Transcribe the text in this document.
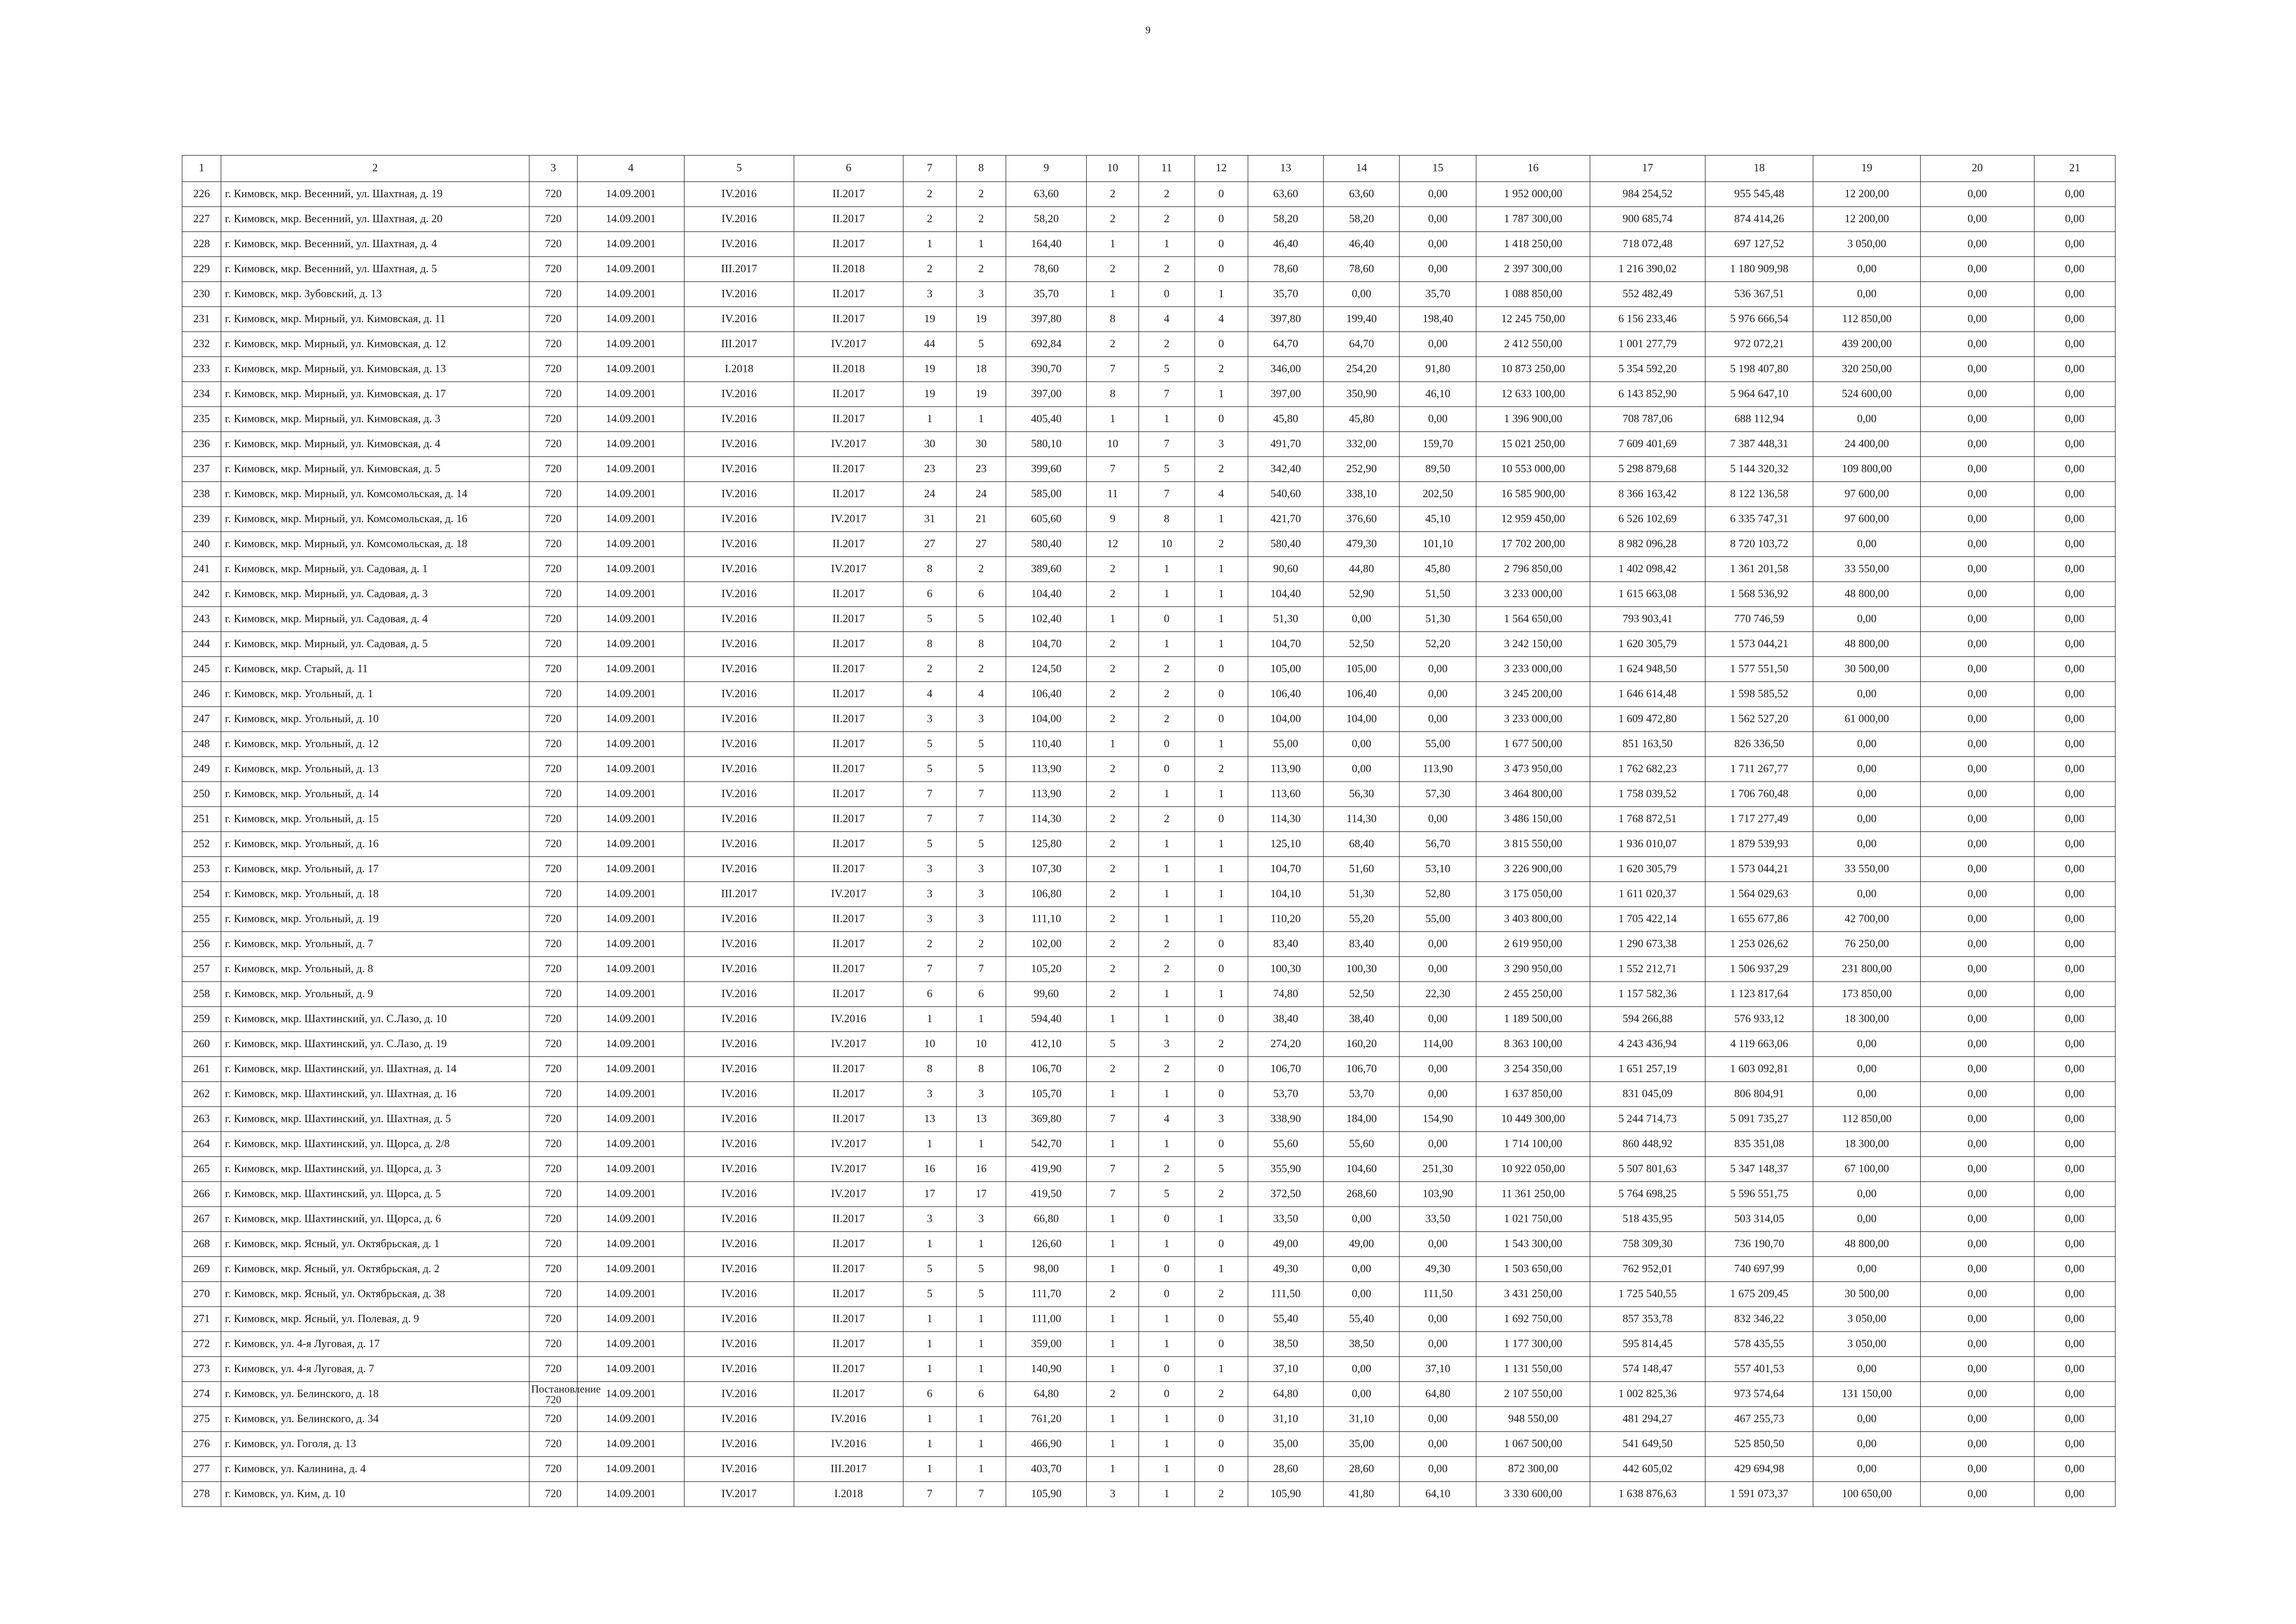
9
1	2	3	4	5	6	7	8	9	10	11	12	13	14	15	16	17	18	19	20	21
226	г. Кимовск, мкр. Весенний, ул. Шахтная, д. 19	720	14.09.2001	IV.2016	II.2017	2	2	63,60	2	2	0	63,60	63,60	0,00	1 952 000,00	984 254,52	955 545,48	12 200,00	0,00	0,00
227	г. Кимовск, мкр. Весенний, ул. Шахтная, д. 20	720	14.09.2001	IV.2016	II.2017	2	2	58,20	2	2	0	58,20	58,20	0,00	1 787 300,00	900 685,74	874 414,26	12 200,00	0,00	0,00
228	г. Кимовск, мкр. Весенний, ул. Шахтная, д. 4	720	14.09.2001	IV.2016	II.2017	1	1	164,40	1	1	0	46,40	46,40	0,00	1 418 250,00	718 072,48	697 127,52	3 050,00	0,00	0,00
229	г. Кимовск, мкр. Весенний, ул. Шахтная, д. 5	720	14.09.2001	III.2017	II.2018	2	2	78,60	2	2	0	78,60	78,60	0,00	2 397 300,00	1 216 390,02	1 180 909,98	0,00	0,00	0,00
230	г. Кимовск, мкр. Зубовский, д. 13	720	14.09.2001	IV.2016	II.2017	3	3	35,70	1	0	1	35,70	0,00	35,70	1 088 850,00	552 482,49	536 367,51	0,00	0,00	0,00
231	г. Кимовск, мкр. Мирный, ул. Кимовская, д. 11	720	14.09.2001	IV.2016	II.2017	19	19	397,80	8	4	4	397,80	199,40	198,40	12 245 750,00	6 156 233,46	5 976 666,54	112 850,00	0,00	0,00
232	г. Кимовск, мкр. Мирный, ул. Кимовская, д. 12	720	14.09.2001	III.2017	IV.2017	44	5	692,84	2	2	0	64,70	64,70	0,00	2 412 550,00	1 001 277,79	972 072,21	439 200,00	0,00	0,00
233	г. Кимовск, мкр. Мирный, ул. Кимовская, д. 13	720	14.09.2001	I.2018	II.2018	19	18	390,70	7	5	2	346,00	254,20	91,80	10 873 250,00	5 354 592,20	5 198 407,80	320 250,00	0,00	0,00
234	г. Кимовск, мкр. Мирный, ул. Кимовская, д. 17	720	14.09.2001	IV.2016	II.2017	19	19	397,00	8	7	1	397,00	350,90	46,10	12 633 100,00	6 143 852,90	5 964 647,10	524 600,00	0,00	0,00
235	г. Кимовск, мкр. Мирный, ул. Кимовская, д. 3	720	14.09.2001	IV.2016	II.2017	1	1	405,40	1	1	0	45,80	45,80	0,00	1 396 900,00	708 787,06	688 112,94	0,00	0,00	0,00
236	г. Кимовск, мкр. Мирный, ул. Кимовская, д. 4	720	14.09.2001	IV.2016	IV.2017	30	30	580,10	10	7	3	491,70	332,00	159,70	15 021 250,00	7 609 401,69	7 387 448,31	24 400,00	0,00	0,00
237	г. Кимовск, мкр. Мирный, ул. Кимовская, д. 5	720	14.09.2001	IV.2016	II.2017	23	23	399,60	7	5	2	342,40	252,90	89,50	10 553 000,00	5 298 879,68	5 144 320,32	109 800,00	0,00	0,00
238	г. Кимовск, мкр. Мирный, ул. Комсомольская, д. 14	720	14.09.2001	IV.2016	II.2017	24	24	585,00	11	7	4	540,60	338,10	202,50	16 585 900,00	8 366 163,42	8 122 136,58	97 600,00	0,00	0,00
239	г. Кимовск, мкр. Мирный, ул. Комсомольская, д. 16	720	14.09.2001	IV.2016	IV.2017	31	21	605,60	9	8	1	421,70	376,60	45,10	12 959 450,00	6 526 102,69	6 335 747,31	97 600,00	0,00	0,00
240	г. Кимовск, мкр. Мирный, ул. Комсомольская, д. 18	720	14.09.2001	IV.2016	II.2017	27	27	580,40	12	10	2	580,40	479,30	101,10	17 702 200,00	8 982 096,28	8 720 103,72	0,00	0,00	0,00
241	г. Кимовск, мкр. Мирный, ул. Садовая, д. 1	720	14.09.2001	IV.2016	IV.2017	8	2	389,60	2	1	1	90,60	44,80	45,80	2 796 850,00	1 402 098,42	1 361 201,58	33 550,00	0,00	0,00
242	г. Кимовск, мкр. Мирный, ул. Садовая, д. 3	720	14.09.2001	IV.2016	II.2017	6	6	104,40	2	1	1	104,40	52,90	51,50	3 233 000,00	1 615 663,08	1 568 536,92	48 800,00	0,00	0,00
243	г. Кимовск, мкр. Мирный, ул. Садовая, д. 4	720	14.09.2001	IV.2016	II.2017	5	5	102,40	1	0	1	51,30	0,00	51,30	1 564 650,00	793 903,41	770 746,59	0,00	0,00	0,00
244	г. Кимовск, мкр. Мирный, ул. Садовая, д. 5	720	14.09.2001	IV.2016	II.2017	8	8	104,70	2	1	1	104,70	52,50	52,20	3 242 150,00	1 620 305,79	1 573 044,21	48 800,00	0,00	0,00
245	г. Кимовск, мкр. Старый, д. 11	720	14.09.2001	IV.2016	II.2017	2	2	124,50	2	2	0	105,00	105,00	0,00	3 233 000,00	1 624 948,50	1 577 551,50	30 500,00	0,00	0,00
246	г. Кимовск, мкр. Угольный, д. 1	720	14.09.2001	IV.2016	II.2017	4	4	106,40	2	2	0	106,40	106,40	0,00	3 245 200,00	1 646 614,48	1 598 585,52	0,00	0,00	0,00
247	г. Кимовск, мкр. Угольный, д. 10	720	14.09.2001	IV.2016	II.2017	3	3	104,00	2	2	0	104,00	104,00	0,00	3 233 000,00	1 609 472,80	1 562 527,20	61 000,00	0,00	0,00
248	г. Кимовск, мкр. Угольный, д. 12	720	14.09.2001	IV.2016	II.2017	5	5	110,40	1	0	1	55,00	0,00	55,00	1 677 500,00	851 163,50	826 336,50	0,00	0,00	0,00
249	г. Кимовск, мкр. Угольный, д. 13	720	14.09.2001	IV.2016	II.2017	5	5	113,90	2	0	2	113,90	0,00	113,90	3 473 950,00	1 762 682,23	1 711 267,77	0,00	0,00	0,00
250	г. Кимовск, мкр. Угольный, д. 14	720	14.09.2001	IV.2016	II.2017	7	7	113,90	2	1	1	113,60	56,30	57,30	3 464 800,00	1 758 039,52	1 706 760,48	0,00	0,00	0,00
251	г. Кимовск, мкр. Угольный, д. 15	720	14.09.2001	IV.2016	II.2017	7	7	114,30	2	2	0	114,30	114,30	0,00	3 486 150,00	1 768 872,51	1 717 277,49	0,00	0,00	0,00
252	г. Кимовск, мкр. Угольный, д. 16	720	14.09.2001	IV.2016	II.2017	5	5	125,80	2	1	1	125,10	68,40	56,70	3 815 550,00	1 936 010,07	1 879 539,93	0,00	0,00	0,00
253	г. Кимовск, мкр. Угольный, д. 17	720	14.09.2001	IV.2016	II.2017	3	3	107,30	2	1	1	104,70	51,60	53,10	3 226 900,00	1 620 305,79	1 573 044,21	33 550,00	0,00	0,00
254	г. Кимовск, мкр. Угольный, д. 18	720	14.09.2001	III.2017	IV.2017	3	3	106,80	2	1	1	104,10	51,30	52,80	3 175 050,00	1 611 020,37	1 564 029,63	0,00	0,00	0,00
255	г. Кимовск, мкр. Угольный, д. 19	720	14.09.2001	IV.2016	II.2017	3	3	111,10	2	1	1	110,20	55,20	55,00	3 403 800,00	1 705 422,14	1 655 677,86	42 700,00	0,00	0,00
256	г. Кимовск, мкр. Угольный, д. 7	720	14.09.2001	IV.2016	II.2017	2	2	102,00	2	2	0	83,40	83,40	0,00	2 619 950,00	1 290 673,38	1 253 026,62	76 250,00	0,00	0,00
257	г. Кимовск, мкр. Угольный, д. 8	720	14.09.2001	IV.2016	II.2017	7	7	105,20	2	2	0	100,30	100,30	0,00	3 290 950,00	1 552 212,71	1 506 937,29	231 800,00	0,00	0,00
258	г. Кимовск, мкр. Угольный, д. 9	720	14.09.2001	IV.2016	II.2017	6	6	99,60	2	1	1	74,80	52,50	22,30	2 455 250,00	1 157 582,36	1 123 817,64	173 850,00	0,00	0,00
259	г. Кимовск, мкр. Шахтинский, ул. С.Лазо, д. 10	720	14.09.2001	IV.2016	IV.2016	1	1	594,40	1	1	0	38,40	38,40	0,00	1 189 500,00	594 266,88	576 933,12	18 300,00	0,00	0,00
260	г. Кимовск, мкр. Шахтинский, ул. С.Лазо, д. 19	720	14.09.2001	IV.2016	IV.2017	10	10	412,10	5	3	2	274,20	160,20	114,00	8 363 100,00	4 243 436,94	4 119 663,06	0,00	0,00	0,00
261	г. Кимовск, мкр. Шахтинский, ул. Шахтная, д. 14	720	14.09.2001	IV.2016	II.2017	8	8	106,70	2	2	0	106,70	106,70	0,00	3 254 350,00	1 651 257,19	1 603 092,81	0,00	0,00	0,00
262	г. Кимовск, мкр. Шахтинский, ул. Шахтная, д. 16	720	14.09.2001	IV.2016	II.2017	3	3	105,70	1	1	0	53,70	53,70	0,00	1 637 850,00	831 045,09	806 804,91	0,00	0,00	0,00
263	г. Кимовск, мкр. Шахтинский, ул. Шахтная, д. 5	720	14.09.2001	IV.2016	II.2017	13	13	369,80	7	4	3	338,90	184,00	154,90	10 449 300,00	5 244 714,73	5 091 735,27	112 850,00	0,00	0,00
264	г. Кимовск, мкр. Шахтинский, ул. Щорса, д. 2/8	720	14.09.2001	IV.2016	IV.2017	1	1	542,70	1	1	0	55,60	55,60	0,00	1 714 100,00	860 448,92	835 351,08	18 300,00	0,00	0,00
265	г. Кимовск, мкр. Шахтинский, ул. Щорса, д. 3	720	14.09.2001	IV.2016	IV.2017	16	16	419,90	7	2	5	355,90	104,60	251,30	10 922 050,00	5 507 801,63	5 347 148,37	67 100,00	0,00	0,00
266	г. Кимовск, мкр. Шахтинский, ул. Щорса, д. 5	720	14.09.2001	IV.2016	IV.2017	17	17	419,50	7	5	2	372,50	268,60	103,90	11 361 250,00	5 764 698,25	5 596 551,75	0,00	0,00	0,00
267	г. Кимовск, мкр. Шахтинский, ул. Щорса, д. 6	720	14.09.2001	IV.2016	II.2017	3	3	66,80	1	0	1	33,50	0,00	33,50	1 021 750,00	518 435,95	503 314,05	0,00	0,00	0,00
268	г. Кимовск, мкр. Ясный, ул. Октябрьская, д. 1	720	14.09.2001	IV.2016	II.2017	1	1	126,60	1	1	0	49,00	49,00	0,00	1 543 300,00	758 309,30	736 190,70	48 800,00	0,00	0,00
269	г. Кимовск, мкр. Ясный, ул. Октябрьская, д. 2	720	14.09.2001	IV.2016	II.2017	5	5	98,00	1	0	1	49,30	0,00	49,30	1 503 650,00	762 952,01	740 697,99	0,00	0,00	0,00
270	г. Кимовск, мкр. Ясный, ул. Октябрьская, д. 38	720	14.09.2001	IV.2016	II.2017	5	5	111,70	2	0	2	111,50	0,00	111,50	3 431 250,00	1 725 540,55	1 675 209,45	30 500,00	0,00	0,00
271	г. Кимовск, мкр. Ясный, ул. Полевая, д. 9	720	14.09.2001	IV.2016	II.2017	1	1	111,00	1	1	0	55,40	55,40	0,00	1 692 750,00	857 353,78	832 346,22	3 050,00	0,00	0,00
272	г. Кимовск, ул. 4-я Луговая, д. 17	720	14.09.2001	IV.2016	II.2017	1	1	359,00	1	1	0	38,50	38,50	0,00	1 177 300,00	595 814,45	578 435,55	3 050,00	0,00	0,00
273	г. Кимовск, ул. 4-я Луговая, д. 7	720	14.09.2001	IV.2016	II.2017	1	1	140,90	1	0	1	37,10	0,00	37,10	1 131 550,00	574 148,47	557 401,53	0,00	0,00	0,00
274	г. Кимовск, ул. Белинского, д. 18	Постановление 720	14.09.2001	IV.2016	II.2017	6	6	64,80	2	0	2	64,80	0,00	64,80	2 107 550,00	1 002 825,36	973 574,64	131 150,00	0,00	0,00
275	г. Кимовск, ул. Белинского, д. 34	720	14.09.2001	IV.2016	IV.2016	1	1	761,20	1	1	0	31,10	31,10	0,00	948 550,00	481 294,27	467 255,73	0,00	0,00	0,00
276	г. Кимовск, ул. Гоголя, д. 13	720	14.09.2001	IV.2016	IV.2016	1	1	466,90	1	1	0	35,00	35,00	0,00	1 067 500,00	541 649,50	525 850,50	0,00	0,00	0,00
277	г. Кимовск, ул. Калинина, д. 4	720	14.09.2001	IV.2016	III.2017	1	1	403,70	1	1	0	28,60	28,60	0,00	872 300,00	442 605,02	429 694,98	0,00	0,00	0,00
278	г. Кимовск, ул. Ким, д. 10	720	14.09.2001	IV.2017	I.2018	7	7	105,90	3	1	2	105,90	41,80	64,10	3 330 600,00	1 638 876,63	1 591 073,37	100 650,00	0,00	0,00
